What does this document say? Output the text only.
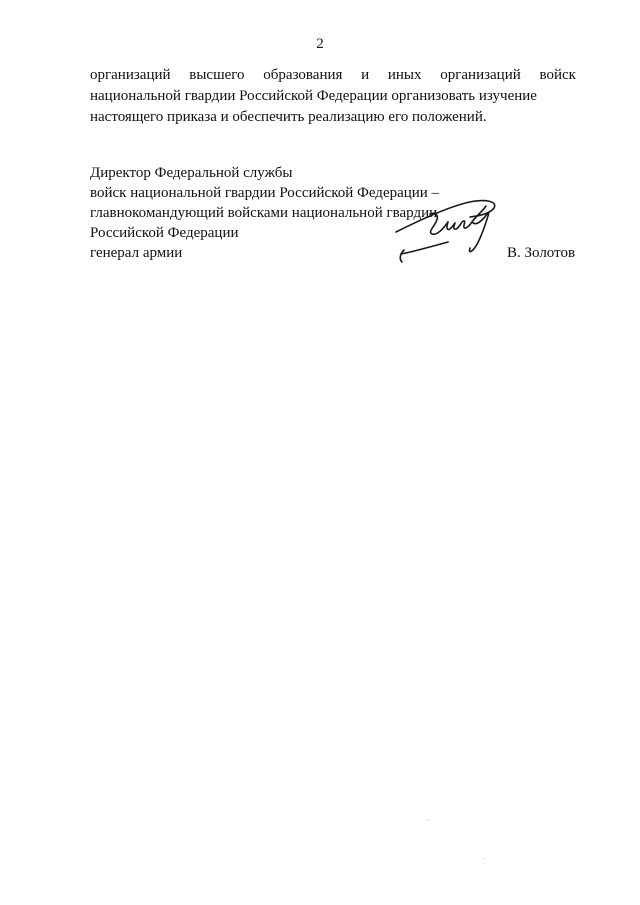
2
организаций высшего образования и иных организаций войск
национальной гвардии Российской Федерации организовать изучение
настоящего приказа и обеспечить реализацию его положений.
Директор Федеральной службы
войск национальной гвардии Российской Федерации –
главнокомандующий войсками национальной гвардии
Российской Федерации
генерал армии	В. Золотов
